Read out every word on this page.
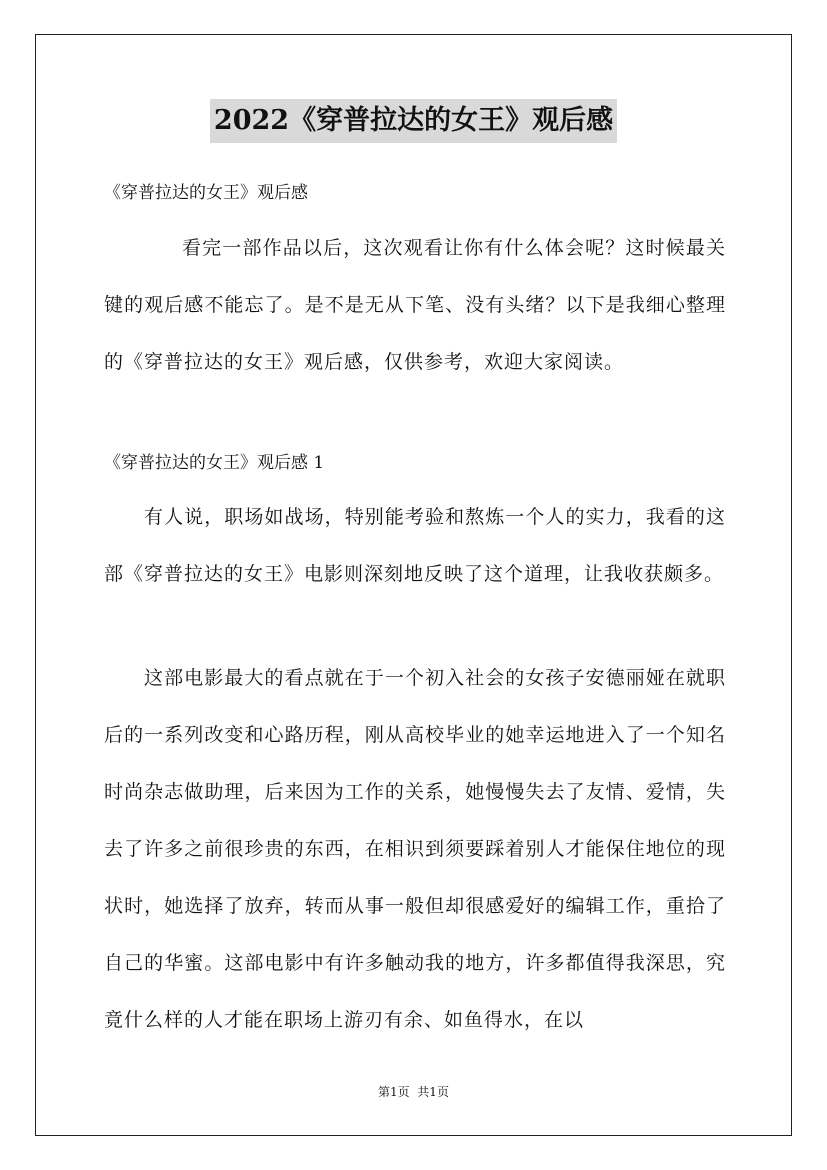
2022《穿普拉达的女王》观后感
《穿普拉达的女王》观后感

看完一部作品以后，这次观看让你有什么体会呢？这时候最关键的观后感不能忘了。是不是无从下笔、没有头绪？以下是我细心整理的《穿普拉达的女王》观后感，仅供参考，欢迎大家阅读。

《穿普拉达的女王》观后感 1

有人说，职场如战场，特别能考验和熬炼一个人的实力，我看的这部《穿普拉达的女王》电影则深刻地反映了这个道理，让我收获颇多。

这部电影最大的看点就在于一个初入社会的女孩子安德丽娅在就职后的一系列改变和心路历程，刚从高校毕业的她幸运地进入了一个知名时尚杂志做助理，后来因为工作的关系，她慢慢失去了友情、爱情，失去了许多之前很珍贵的东西，在相识到须要踩着别人才能保住地位的现状时，她选择了放弃，转而从事一般但却很感爱好的编辑工作，重拾了自己的华蜜。这部电影中有许多触动我的地方，许多都值得我深思，究竟什么样的人才能在职场上游刃有余、如鱼得水，在以

第1页  共1页
